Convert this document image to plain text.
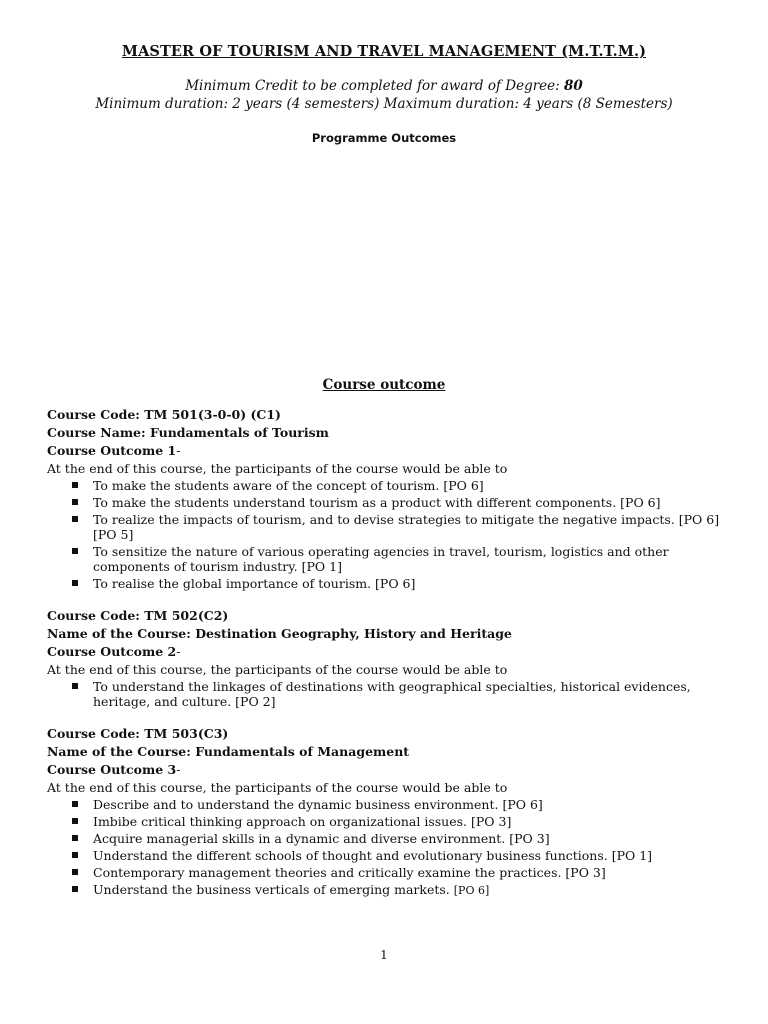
MASTER OF TOURISM AND TRAVEL MANAGEMENT (M.T.T.M.)
Minimum Credit to be completed for award of Degree: 80
Minimum duration: 2 years (4 semesters) Maximum duration: 4 years (8 Semesters)
Programme Outcomes
Course outcome
Course Code: TM 501(3-0-0) (C1)
Course Name: Fundamentals of Tourism
Course Outcome 1-
At the end of this course, the participants of the course would be able to
To make the students aware of the concept of tourism. [PO 6]
To make the students understand tourism as a product with different components. [PO 6]
To realize the impacts of tourism, and to devise strategies to mitigate the negative impacts. [PO 6] [PO 5]
To sensitize the nature of various operating agencies in travel, tourism, logistics and other components of tourism industry. [PO 1]
To realise the global importance of tourism. [PO 6]
Course Code: TM 502(C2)
Name of the Course: Destination Geography, History and Heritage
Course Outcome 2-
At the end of this course, the participants of the course would be able to
To understand the linkages of destinations with geographical specialties, historical evidences, heritage, and culture. [PO 2]
Course Code: TM 503(C3)
Name of the Course: Fundamentals of Management
Course Outcome 3-
At the end of this course, the participants of the course would be able to
Describe and to understand the dynamic business environment. [PO 6]
Imbibe critical thinking approach on organizational issues. [PO 3]
Acquire managerial skills in a dynamic and diverse environment. [PO 3]
Understand the different schools of thought and evolutionary business functions. [PO 1]
Contemporary management theories and critically examine the practices. [PO 3]
Understand the business verticals of emerging markets. [PO 6]
1
